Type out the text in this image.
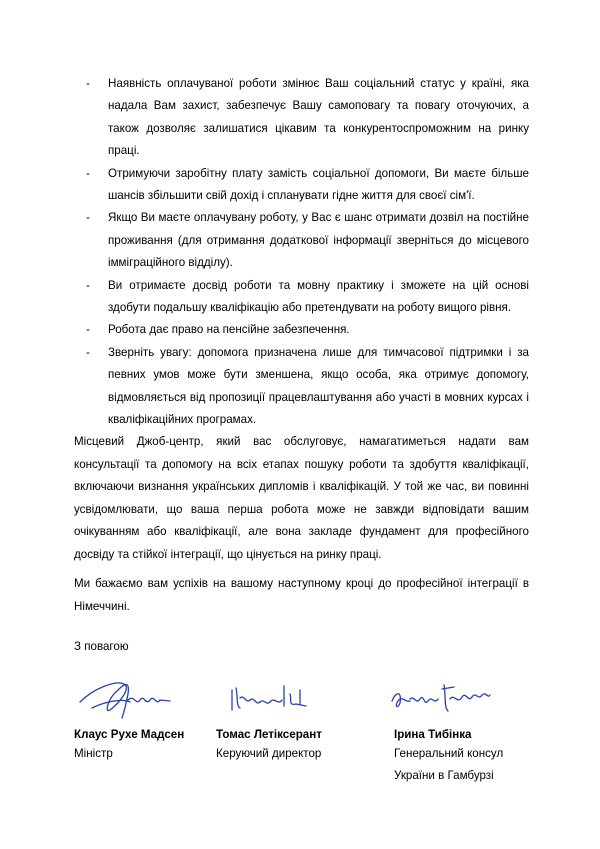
- Наявність оплачуваної роботи змінює Ваш соціальний статус у країні, яка надала Вам захист, забезпечує Вашу самоповагу та повагу оточуючих, а також дозволяє залишатися цікавим та конкурентоспроможним на ринку праці.
- Отримуючи заробітну плату замість соціальної допомоги, Ви маєте більше шансів збільшити свій дохід і спланувати гідне життя для своєї сім'ї.
- Якщо Ви маєте оплачувану роботу, у Вас є шанс отримати дозвіл на постійне проживання (для отримання додаткової інформації зверніться до місцевого імміграційного відділу).
- Ви отримаєте досвід роботи та мовну практику і зможете на цій основі здобути подальшу кваліфікацію або претендувати на роботу вищого рівня.
- Робота дає право на пенсійне забезпечення.
- Зверніть увагу: допомога призначена лише для тимчасової підтримки і за певних умов може бути зменшена, якщо особа, яка отримує допомогу, відмовляється від пропозиції працевлаштування або участі в мовних курсах і кваліфікаційних програмах.

Місцевий Джоб-центр, який вас обслуговує, намагатиметься надати вам консультації та допомогу на всіх етапах пошуку роботи та здобуття кваліфікації, включаючи визнання українських дипломів і кваліфікацій. У той же час, ви повинні усвідомлювати, що ваша перша робота може не завжди відповідати вашим очікуванням або кваліфікації, але вона закладе фундамент для професійного досвіду та стійкої інтеграції, що цінується на ринку праці.

Ми бажаємо вам успіхів на вашому наступному кроці до професійної інтеграції в Німеччині.

З повагою

Клаус Рухе Мадсен
Міністр
Томас Летіксерант
Керуючий директор
Ірина Тибінка
Генеральний консул
України в Гамбурзі
